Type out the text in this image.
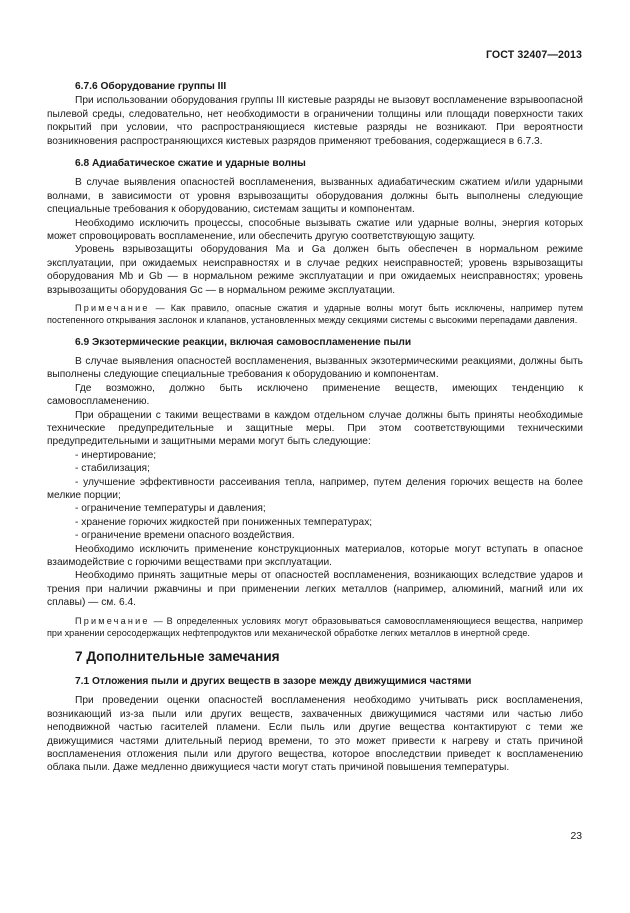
ГОСТ 32407—2013

6.7.6 Оборудование группы III

При использовании оборудования группы III кистевые разряды не вызовут воспламенение взрывоопасной пылевой среды, следовательно, нет необходимости в ограничении толщины или площади поверхности таких покрытий при условии, что распространяющиеся кистевые разряды не возникают. При вероятности возникновения распространяющихся кистевых разрядов применяют требования, содержащиеся в 6.7.3.

6.8 Адиабатическое сжатие и ударные волны

В случае выявления опасностей воспламенения, вызванных адиабатическим сжатием и/или ударными волнами, в зависимости от уровня взрывозащиты оборудования должны быть выполнены следующие специальные требования к оборудованию, системам защиты и компонентам.

Необходимо исключить процессы, способные вызывать сжатие или ударные волны, энергия которых может спровоцировать воспламенение, или обеспечить другую соответствующую защиту.

Уровень взрывозащиты оборудования Ма и Ga должен быть обеспечен в нормальном режиме эксплуатации, при ожидаемых неисправностях и в случае редких неисправностей; уровень взрывозащиты оборудования Mb и Gb — в нормальном режиме эксплуатации и при ожидаемых неисправностях; уровень взрывозащиты оборудования Gc — в нормальном режиме эксплуатации.

Примечание — Как правило, опасные сжатия и ударные волны могут быть исключены, например путем постепенного открывания заслонок и клапанов, установленных между секциями системы с высокими перепадами давления.

6.9 Экзотермические реакции, включая самовоспламенение пыли

В случае выявления опасностей воспламенения, вызванных экзотермическими реакциями, должны быть выполнены следующие специальные требования к оборудованию и компонентам.

Где возможно, должно быть исключено применение веществ, имеющих тенденцию к самовоспламенению.

При обращении с такими веществами в каждом отдельном случае должны быть приняты необходимые технические предупредительные и защитные меры. При этом соответствующими техническими предупредительными и защитными мерами могут быть следующие:

- инертирование;

- стабилизация;

- улучшение эффективности рассеивания тепла, например, путем деления горючих веществ на более мелкие порции;

- ограничение температуры и давления;

- хранение горючих жидкостей при пониженных температурах;

- ограничение времени опасного воздействия.

Необходимо исключить применение конструкционных материалов, которые могут вступать в опасное взаимодействие с горючими веществами при эксплуатации.

Необходимо принять защитные меры от опасностей воспламенения, возникающих вследствие ударов и трения при наличии ржавчины и при применении легких металлов (например, алюминий, магний или их сплавы) — см. 6.4.

Примечание — В определенных условиях могут образовываться самовоспламеняющиеся вещества, например при хранении серосодержащих нефтепродуктов или механической обработке легких металлов в инертной среде.

7 Дополнительные замечания

7.1 Отложения пыли и других веществ в зазоре между движущимися частями

При проведении оценки опасностей воспламенения необходимо учитывать риск воспламенения, возникающий из-за пыли или других веществ, захваченных движущимися частями или частью либо неподвижной частью гасителей пламени. Если пыль или другие вещества контактируют с теми же движущимися частями длительный период времени, то это может привести к нагреву и стать причиной воспламенения отложения пыли или другого вещества, которое впоследствии приведет к воспламенению облака пыли. Даже медленно движущиеся части могут стать причиной повышения температуры.

23
